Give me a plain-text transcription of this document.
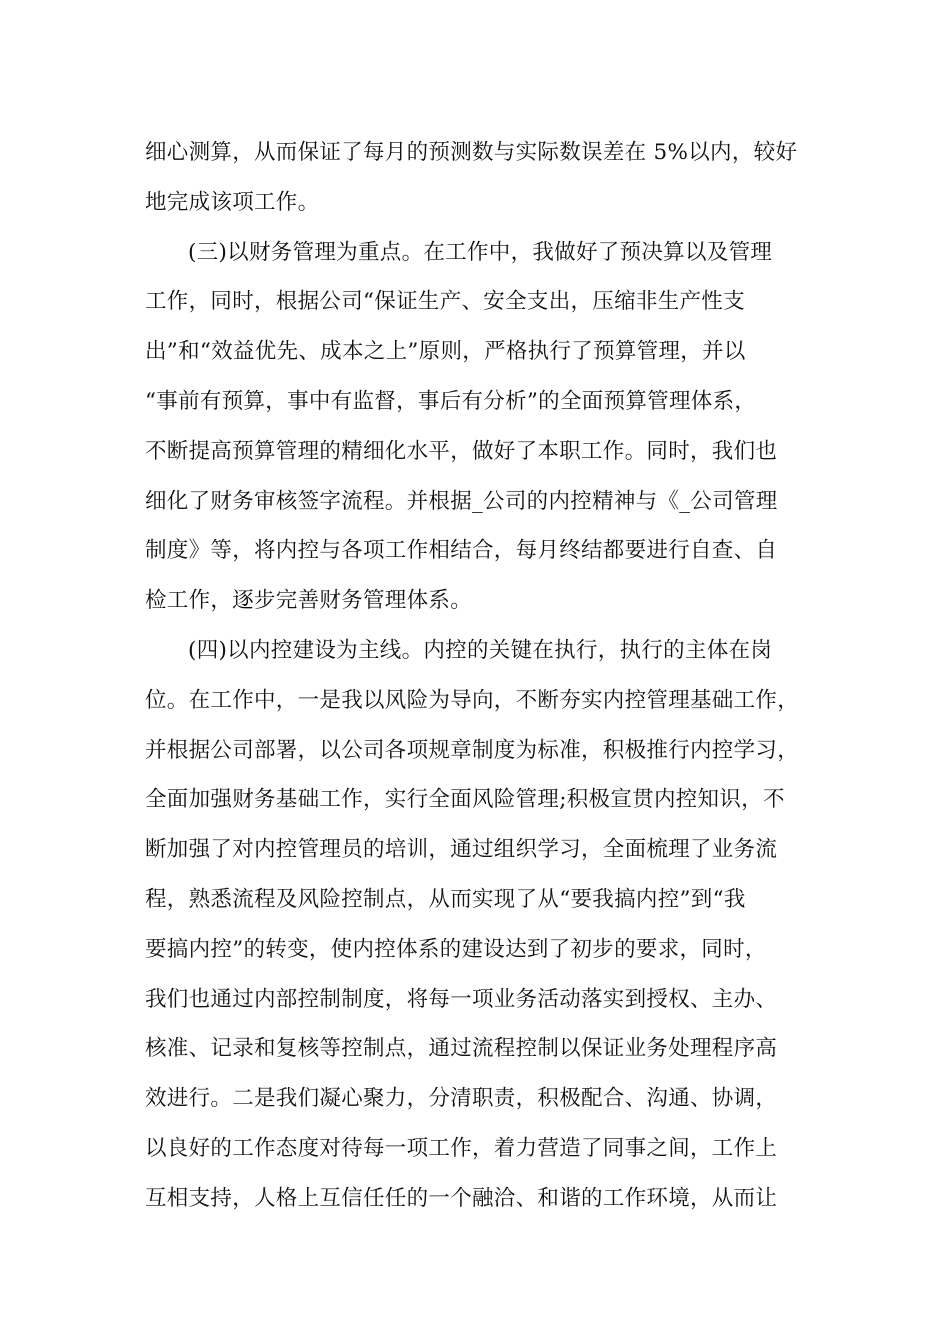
细心测算，从而保证了每月的预测数与实际数误差在 5%以内，较好
地完成该项工作。
(三)以财务管理为重点。在工作中，我做好了预决算以及管理
工作，同时，根据公司“保证生产、安全支出，压缩非生产性支
出”和“效益优先、成本之上”原则，严格执行了预算管理，并以
“事前有预算，事中有监督，事后有分析”的全面预算管理体系，
不断提高预算管理的精细化水平，做好了本职工作。同时，我们也
细化了财务审核签字流程。并根据_公司的内控精神与《_公司管理
制度》等，将内控与各项工作相结合，每月终结都要进行自查、自
检工作，逐步完善财务管理体系。
(四)以内控建设为主线。内控的关键在执行，执行的主体在岗
位。在工作中，一是我以风险为导向，不断夯实内控管理基础工作，
并根据公司部署，以公司各项规章制度为标准，积极推行内控学习，
全面加强财务基础工作，实行全面风险管理;积极宣贯内控知识，不
断加强了对内控管理员的培训，通过组织学习，全面梳理了业务流
程，熟悉流程及风险控制点，从而实现了从“要我搞内控”到“我
要搞内控”的转变，使内控体系的建设达到了初步的要求，同时，
我们也通过内部控制制度，将每一项业务活动落实到授权、主办、
核准、记录和复核等控制点，通过流程控制以保证业务处理程序高
效进行。二是我们凝心聚力，分清职责，积极配合、沟通、协调，
以良好的工作态度对待每一项工作，着力营造了同事之间，工作上
互相支持，人格上互信任任的一个融洽、和谐的工作环境，从而让
